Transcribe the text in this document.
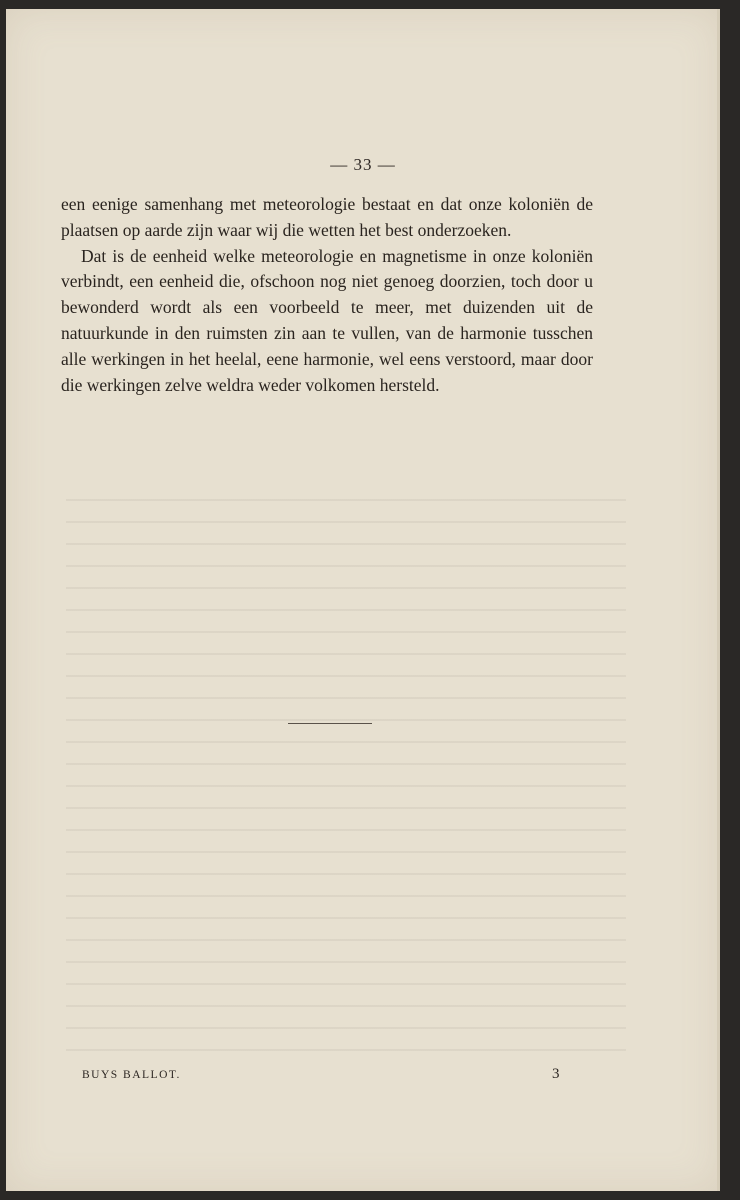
— 33 —

een eenige samenhang met meteorologie bestaat en dat onze koloniën de plaatsen op aarde zijn waar wij die wetten het best onderzoeken.

Dat is de eenheid welke meteorologie en magnetisme in onze koloniën verbindt, een eenheid die, ofschoon nog niet genoeg doorzien, toch door u bewonderd wordt als een voorbeeld te meer, met duizenden uit de natuurkunde in den ruimsten zin aan te vullen, van de harmonie tusschen alle werkingen in het heelal, eene harmonie, wel eens verstoord, maar door die werkingen zelve weldra weder volkomen hersteld.

BUYS BALLOT.	3
